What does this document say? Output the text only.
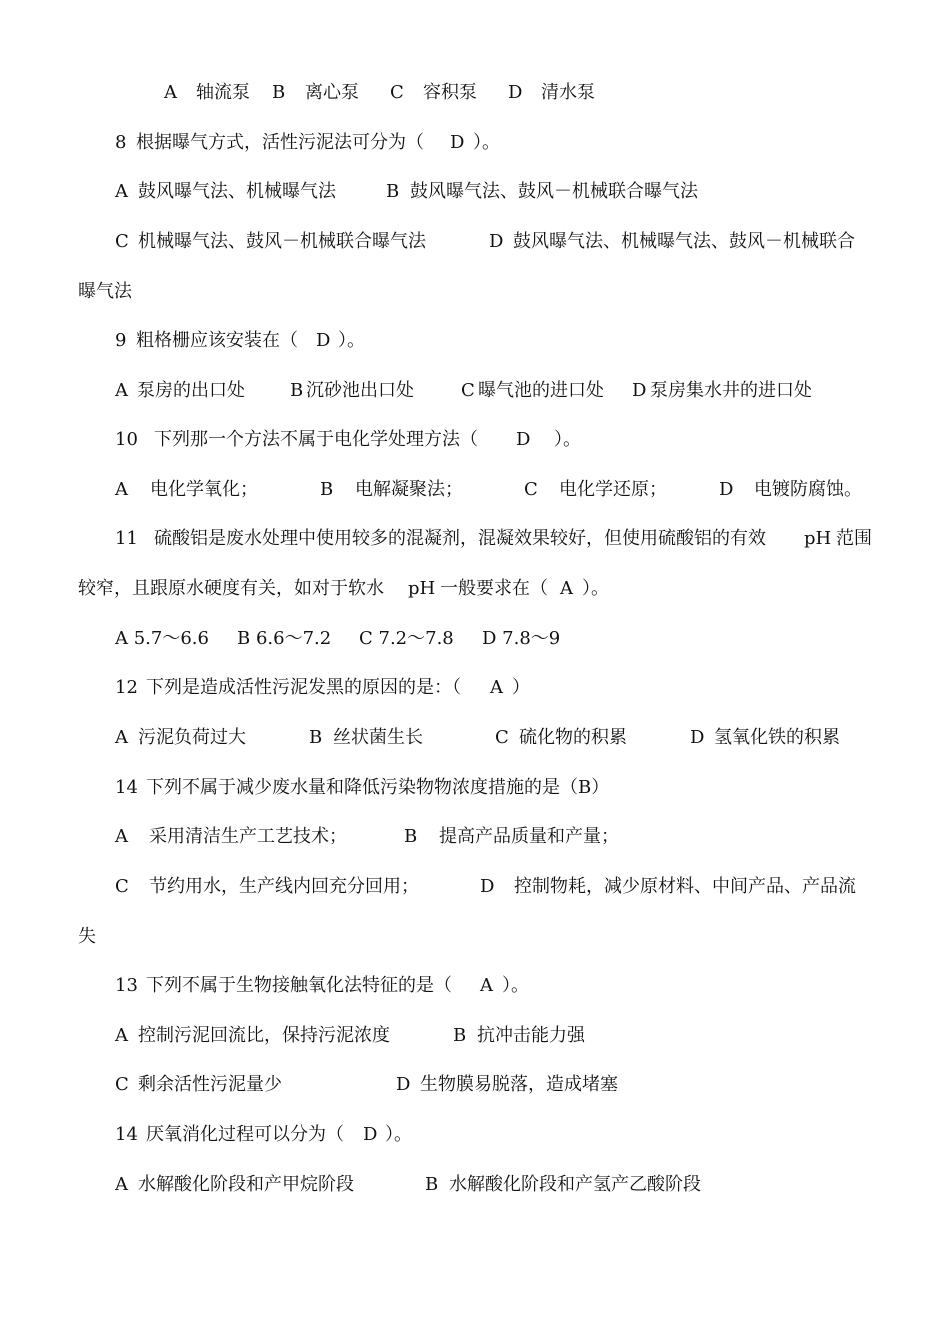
A 轴流泵 B 离心泵 C 容积泵 D 清水泵
8 根据曝气方式，活性污泥法可分为（ D ）。
A 鼓风曝气法、机械曝气法	B 鼓风曝气法、鼓风－机械联合曝气法
C 机械曝气法、鼓风－机械联合曝气法	D 鼓风曝气法、机械曝气法、鼓风－机械联合
曝气法
9 粗格栅应该安装在（ D ）。
A 泵房的出口处	B 沉砂池出口处	C 曝气池的进口处 D 泵房集水井的进口处
10 下列那一个方法不属于电化学处理方法（ D ）。
A 电化学氧化；	B 电解凝聚法；	C 电化学还原；	D 电镀防腐蚀。
11 硫酸铝是废水处理中使用较多的混凝剂，混凝效果较好，但使用硫酸铝的有效 pH 范围
较窄，且跟原水硬度有关，如对于软水 pH 一般要求在（ A ）。
A 5.7～6.6 B 6.6～7.2 C 7.2～7.8 D 7.8～9
12 下列是造成活性污泥发黑的原因的是：（ A ）
A 污泥负荷过大	B 丝状菌生长	C 硫化物的积累	D 氢氧化铁的积累
14 下列不属于减少废水量和降低污染物物浓度措施的是（B）
A 采用清洁生产工艺技术；	B 提高产品质量和产量；
C 节约用水，生产线内回充分回用；	D 控制物耗，减少原材料、中间产品、产品流
失
13 下列不属于生物接触氧化法特征的是（ A ）。
A 控制污泥回流比，保持污泥浓度	B 抗冲击能力强
C 剩余活性污泥量少	D 生物膜易脱落，造成堵塞
14 厌氧消化过程可以分为（ D ）。
A 水解酸化阶段和产甲烷阶段	B 水解酸化阶段和产氢产乙酸阶段
